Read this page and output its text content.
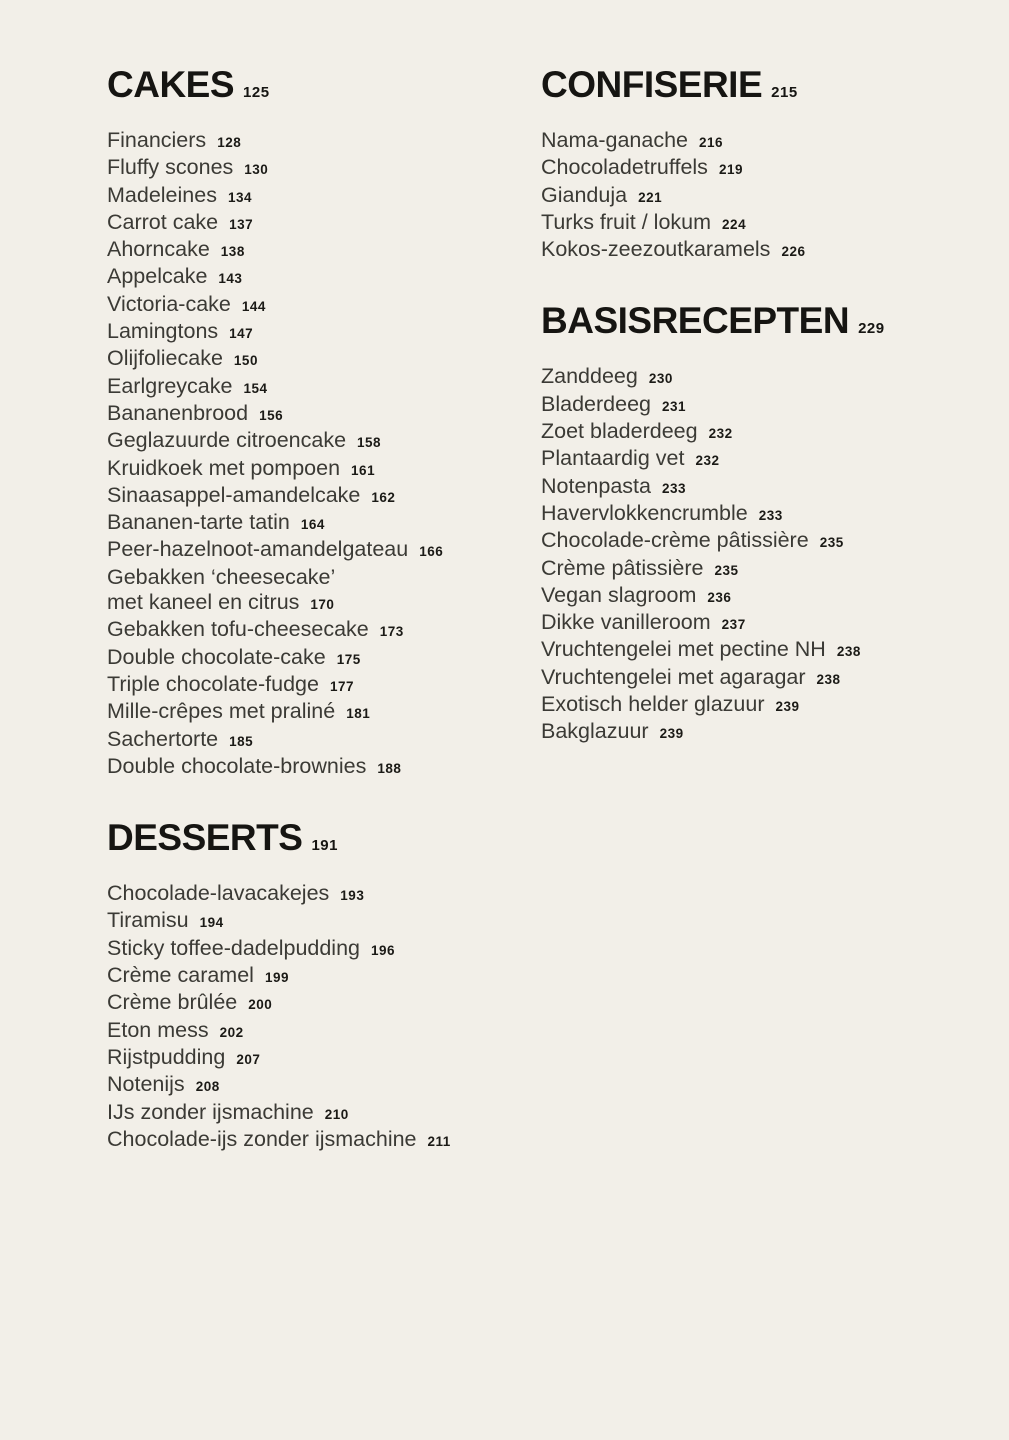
CAKES 125
Financiers 128
Fluffy scones 130
Madeleines 134
Carrot cake 137
Ahorncake 138
Appelcake 143
Victoria-cake 144
Lamingtons 147
Olijfoliecake 150
Earlgreycake 154
Bananenbrood 156
Geglazuurde citroencake 158
Kruidkoek met pompoen 161
Sinaasappel-amandelcake 162
Bananen-tarte tatin 164
Peer-hazelnoot-amandelgateau 166
Gebakken ‘cheesecake’
met kaneel en citrus 170
Gebakken tofu-cheesecake 173
Double chocolate-cake 175
Triple chocolate-fudge 177
Mille-crêpes met praliné 181
Sachertorte 185
Double chocolate-brownies 188
DESSERTS 191
Chocolade-lavacakejes 193
Tiramisu 194
Sticky toffee-dadelpudding 196
Crème caramel 199
Crème brûlée 200
Eton mess 202
Rijstpudding 207
Notenijs 208
IJs zonder ijsmachine 210
Chocolade-ijs zonder ijsmachine 211
CONFISERIE 215
Nama-ganache 216
Chocoladetruffels 219
Gianduja 221
Turks fruit / lokum 224
Kokos-zeezoutkaramels 226
BASISRECEPTEN 229
Zanddeeg 230
Bladerdeeg 231
Zoet bladerdeeg 232
Plantaardig vet 232
Notenpasta 233
Havervlokkencrumble 233
Chocolade-crème pâtissière 235
Crème pâtissière 235
Vegan slagroom 236
Dikke vanilleroom 237
Vruchtengelei met pectine NH 238
Vruchtengelei met agaragar 238
Exotisch helder glazuur 239
Bakglazuur 239
